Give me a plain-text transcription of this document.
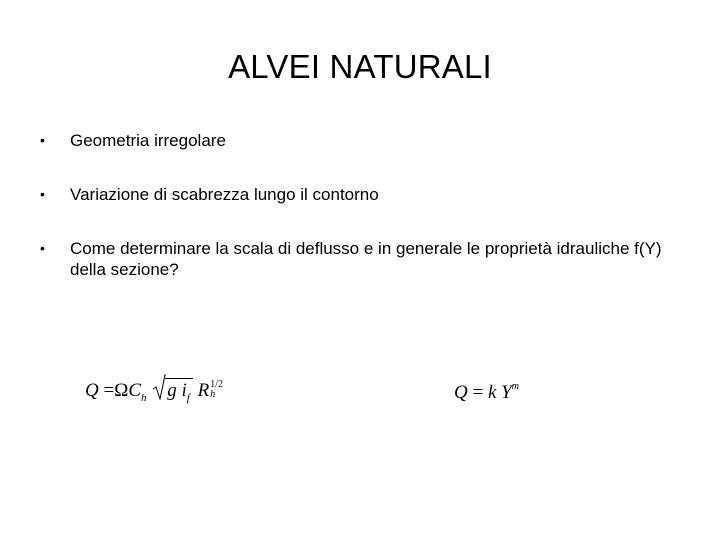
ALVEI NATURALI
• Geometria irregolare
• Variazione di scabrezza lungo il contorno
• Come determinare la scala di deflusso e in generale le proprietà idrauliche f(Y) della sezione?
$Q =\Omega C_h$ g $i_f$ R 1/2
h	Q = k $Y^m$
